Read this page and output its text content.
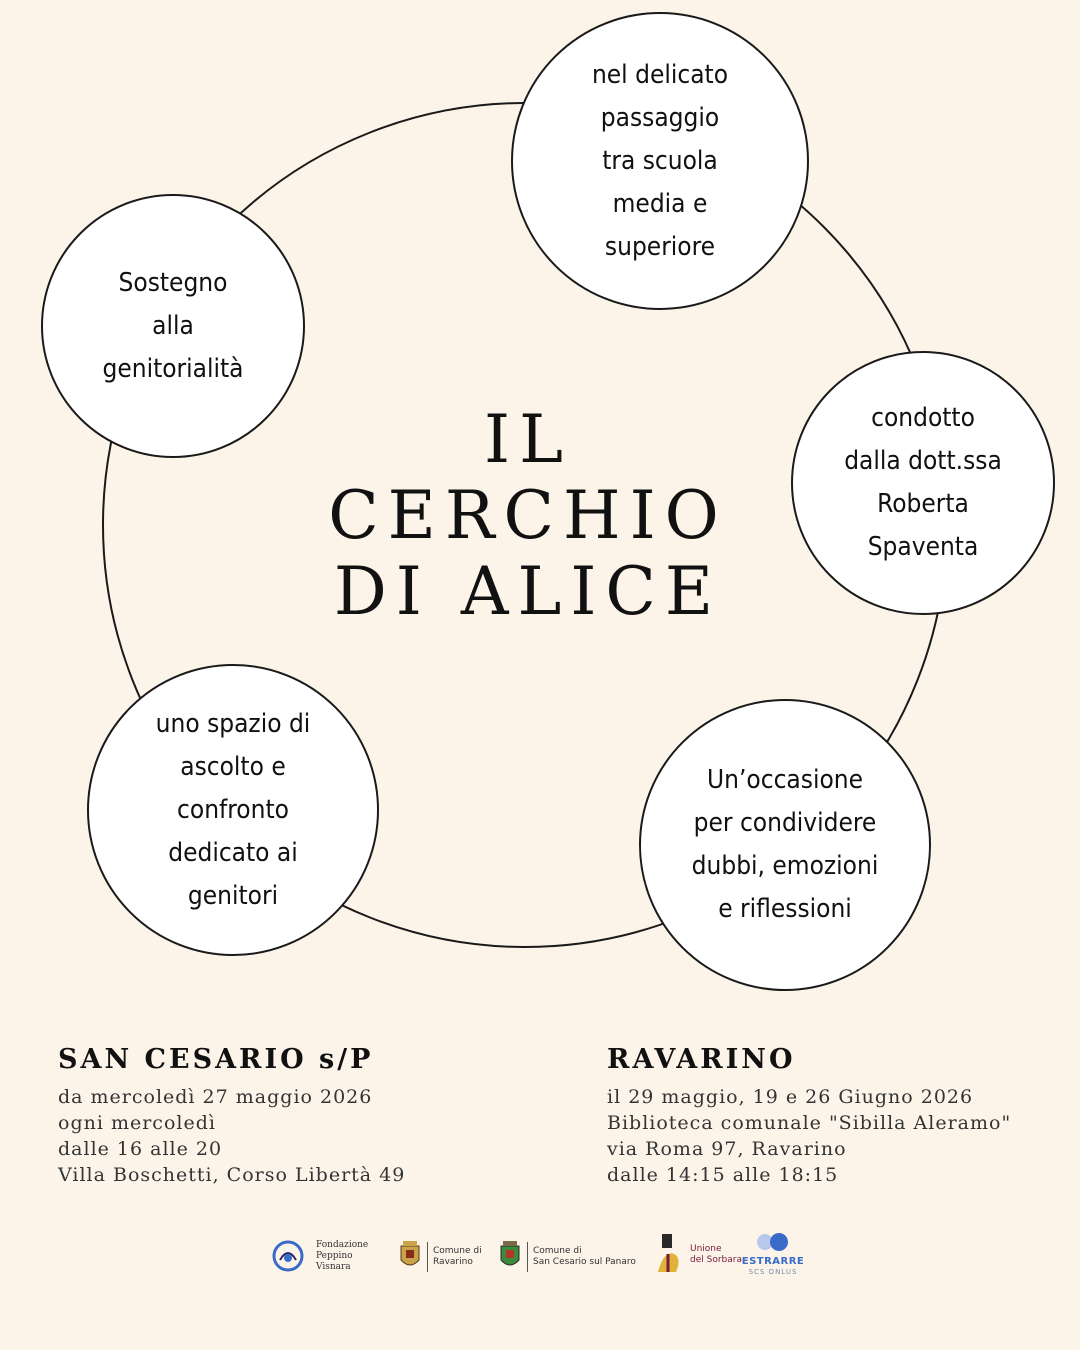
nel delicato
passaggio
tra scuola
media e
superiore
Sostegno
alla
genitorialità
condotto
dalla dott.ssa
Roberta
Spaventa
uno spazio di
ascolto e
confronto
dedicato ai
genitori
Un’occasione
per condividere
dubbi, emozioni
e riflessioni
IL
CERCHIO
DI ALICE
SAN CESARIO s/P
da mercoledì 27 maggio 2026
ogni mercoledì
dalle 16 alle 20
Villa Boschetti, Corso Libertà 49
RAVARINO
il 29 maggio, 19 e 26 Giugno 2026
Biblioteca comunale "Sibilla Aleramo"
via Roma 97, Ravarino
dalle 14:15 alle 18:15
Fondazione
Peppino
Visnara
Comune di
Ravarino
Comune di
San Cesario sul Panaro
Unione
del Sorbara ESTRARRE
SCS ONLUS
